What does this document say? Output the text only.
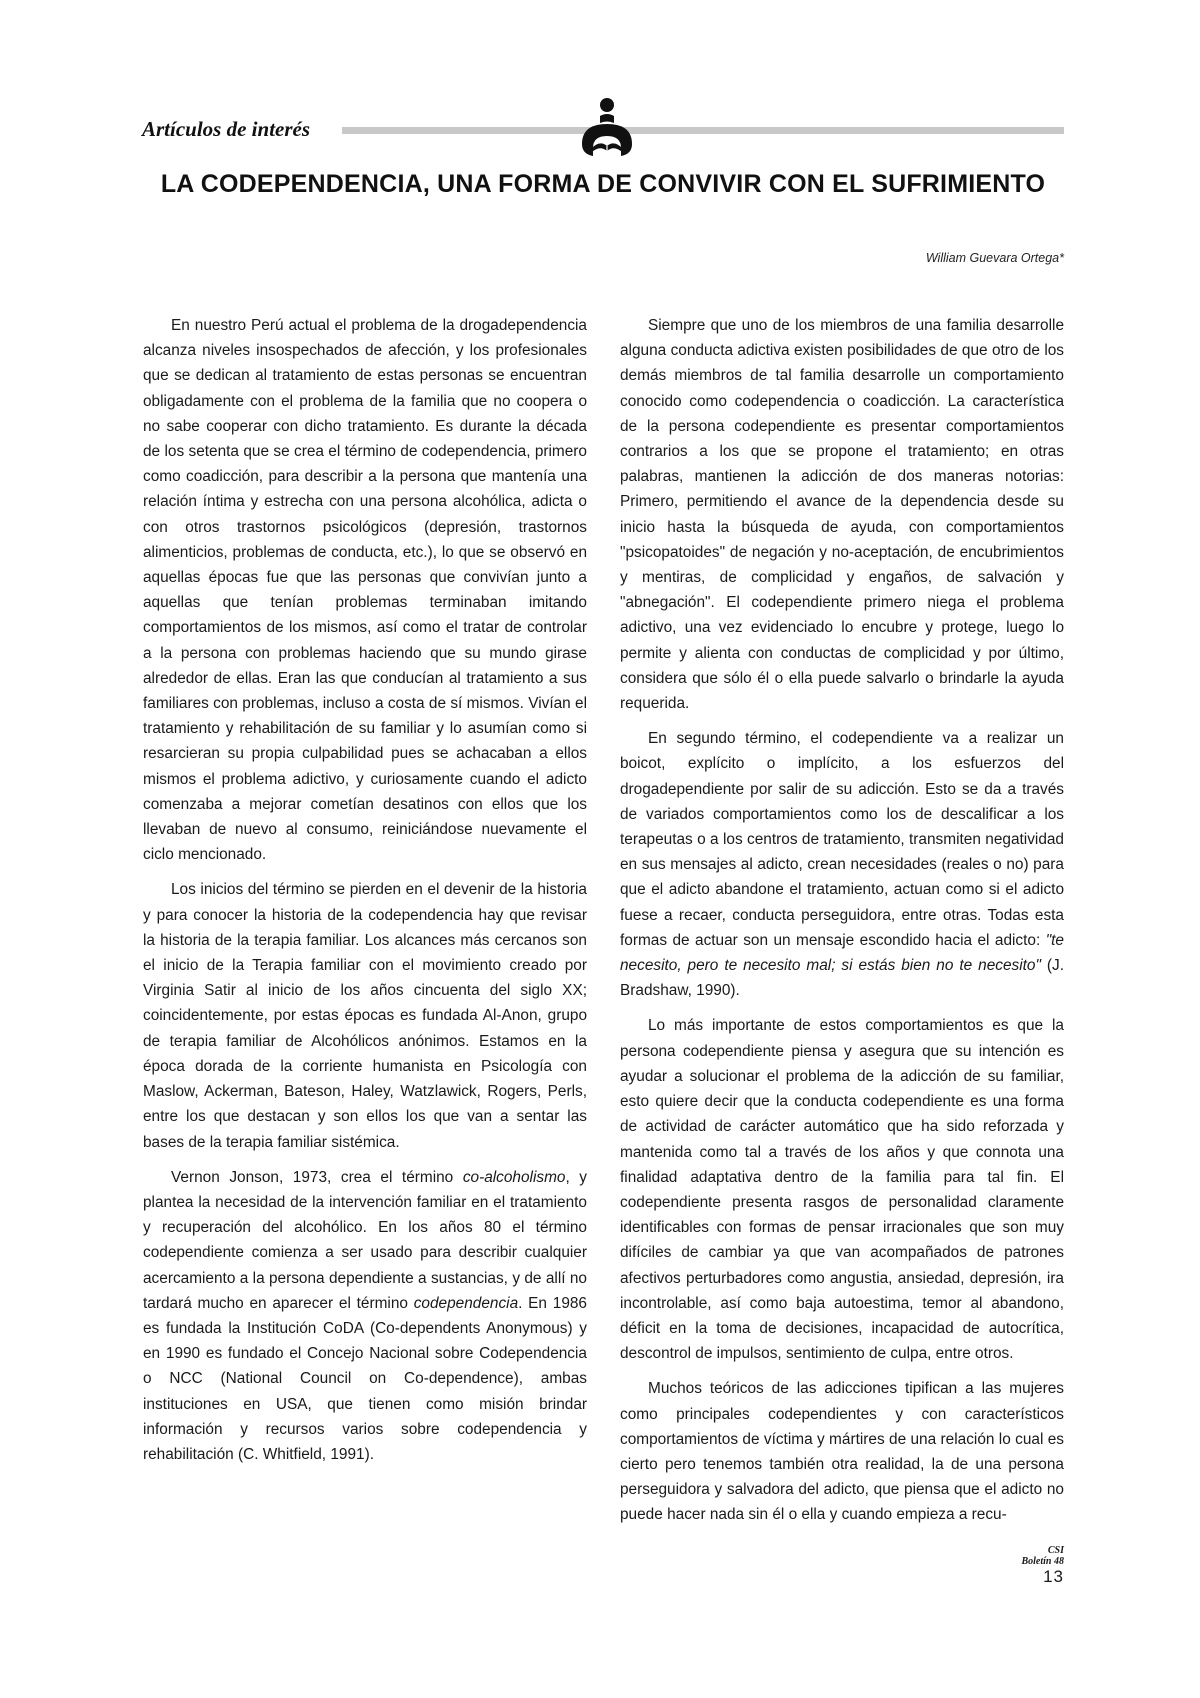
Artículos de interés
LA CODEPENDENCIA, UNA FORMA DE CONVIVIR CON EL SUFRIMIENTO

William Guevara Ortega*

En nuestro Perú actual el problema de la drogadependencia alcanza niveles insospechados de afección, y los profesionales que se dedican al tratamiento de estas personas se encuentran obligadamente con el problema de la familia que no coopera o no sabe cooperar con dicho tratamiento. Es durante la década de los setenta que se crea el término de codependencia, primero como coadicción, para describir a la persona que mantenía una relación íntima y estrecha con una persona alcohólica, adicta o con otros trastornos psicológicos (depresión, trastornos alimenticios, problemas de conducta, etc.), lo que se observó en aquellas épocas fue que las personas que convivían junto a aquellas que tenían problemas terminaban imitando comportamientos de los mismos, así como el tratar de controlar a la persona con problemas haciendo que su mundo girase alrededor de ellas. Eran las que conducían al tratamiento a sus familiares con problemas, incluso a costa de sí mismos. Vivían el tratamiento y rehabilitación de su familiar y lo asumían como si resarcieran su propia culpabilidad pues se achacaban a ellos mismos el problema adictivo, y curiosamente cuando el adicto comenzaba a mejorar cometían desatinos con ellos que los llevaban de nuevo al consumo, reiniciándose nuevamente el ciclo mencionado.

Los inicios del término se pierden en el devenir de la historia y para conocer la historia de la codependencia hay que revisar la historia de la terapia familiar. Los alcances más cercanos son el inicio de la Terapia familiar con el movimiento creado por Virginia Satir al inicio de los años cincuenta del siglo XX; coincidentemente, por estas épocas es fundada Al-Anon, grupo de terapia familiar de Alcohólicos anónimos. Estamos en la época dorada de la corriente humanista en Psicología con Maslow, Ackerman, Bateson, Haley, Watzlawick, Rogers, Perls, entre los que destacan y son ellos los que van a sentar las bases de la terapia familiar sistémica.

Vernon Jonson, 1973, crea el término co-alcoholismo, y plantea la necesidad de la intervención familiar en el tratamiento y recuperación del alcohólico. En los años 80 el término codependiente comienza a ser usado para describir cualquier acercamiento a la persona dependiente a sustancias, y de allí no tardará mucho en aparecer el término codependencia. En 1986 es fundada la Institución CoDA (Co-dependents Anonymous) y en 1990 es fundado el Concejo Nacional sobre Codependencia o NCC (National Council on Co-dependence), ambas instituciones en USA, que tienen como misión brindar información y recursos varios sobre codependencia y rehabilitación (C. Whitfield, 1991).

Siempre que uno de los miembros de una familia desarrolle alguna conducta adictiva existen posibilidades de que otro de los demás miembros de tal familia desarrolle un comportamiento conocido como codependencia o coadicción. La característica de la persona codependiente es presentar comportamientos contrarios a los que se propone el tratamiento; en otras palabras, mantienen la adicción de dos maneras notorias: Primero, permitiendo el avance de la dependencia desde su inicio hasta la búsqueda de ayuda, con comportamientos "psicopatoides" de negación y no-aceptación, de encubrimientos y mentiras, de complicidad y engaños, de salvación y "abnegación". El codependiente primero niega el problema adictivo, una vez evidenciado lo encubre y protege, luego lo permite y alienta con conductas de complicidad y por último, considera que sólo él o ella puede salvarlo o brindarle la ayuda requerida.

En segundo término, el codependiente va a realizar un boicot, explícito o implícito, a los esfuerzos del drogadependiente por salir de su adicción. Esto se da a través de variados comportamientos como los de descalificar a los terapeutas o a los centros de tratamiento, transmiten negatividad en sus mensajes al adicto, crean necesidades (reales o no) para que el adicto abandone el tratamiento, actuan como si el adicto fuese a recaer, conducta perseguidora, entre otras. Todas esta formas de actuar son un mensaje escondido hacia el adicto: "te necesito, pero te necesito mal; si estás bien no te necesito" (J. Bradshaw, 1990).

Lo más importante de estos comportamientos es que la persona codependiente piensa y asegura que su intención es ayudar a solucionar el problema de la adicción de su familiar, esto quiere decir que la conducta codependiente es una forma de actividad de carácter automático que ha sido reforzada y mantenida como tal a través de los años y que connota una finalidad adaptativa dentro de la familia para tal fin. El codependiente presenta rasgos de personalidad claramente identificables con formas de pensar irracionales que son muy difíciles de cambiar ya que van acompañados de patrones afectivos perturbadores como angustia, ansiedad, depresión, ira incontrolable, así como baja autoestima, temor al abandono, déficit en la toma de decisiones, incapacidad de autocrítica, descontrol de impulsos, sentimiento de culpa, entre otros.

Muchos teóricos de las adicciones tipifican a las mujeres como principales codependientes y con característicos comportamientos de víctima y mártires de una relación lo cual es cierto pero tenemos también otra realidad, la de una persona perseguidora y salvadora del adicto, que piensa que el adicto no puede hacer nada sin él o ella y cuando empieza a recu-

CSI
Boletín 48
13
